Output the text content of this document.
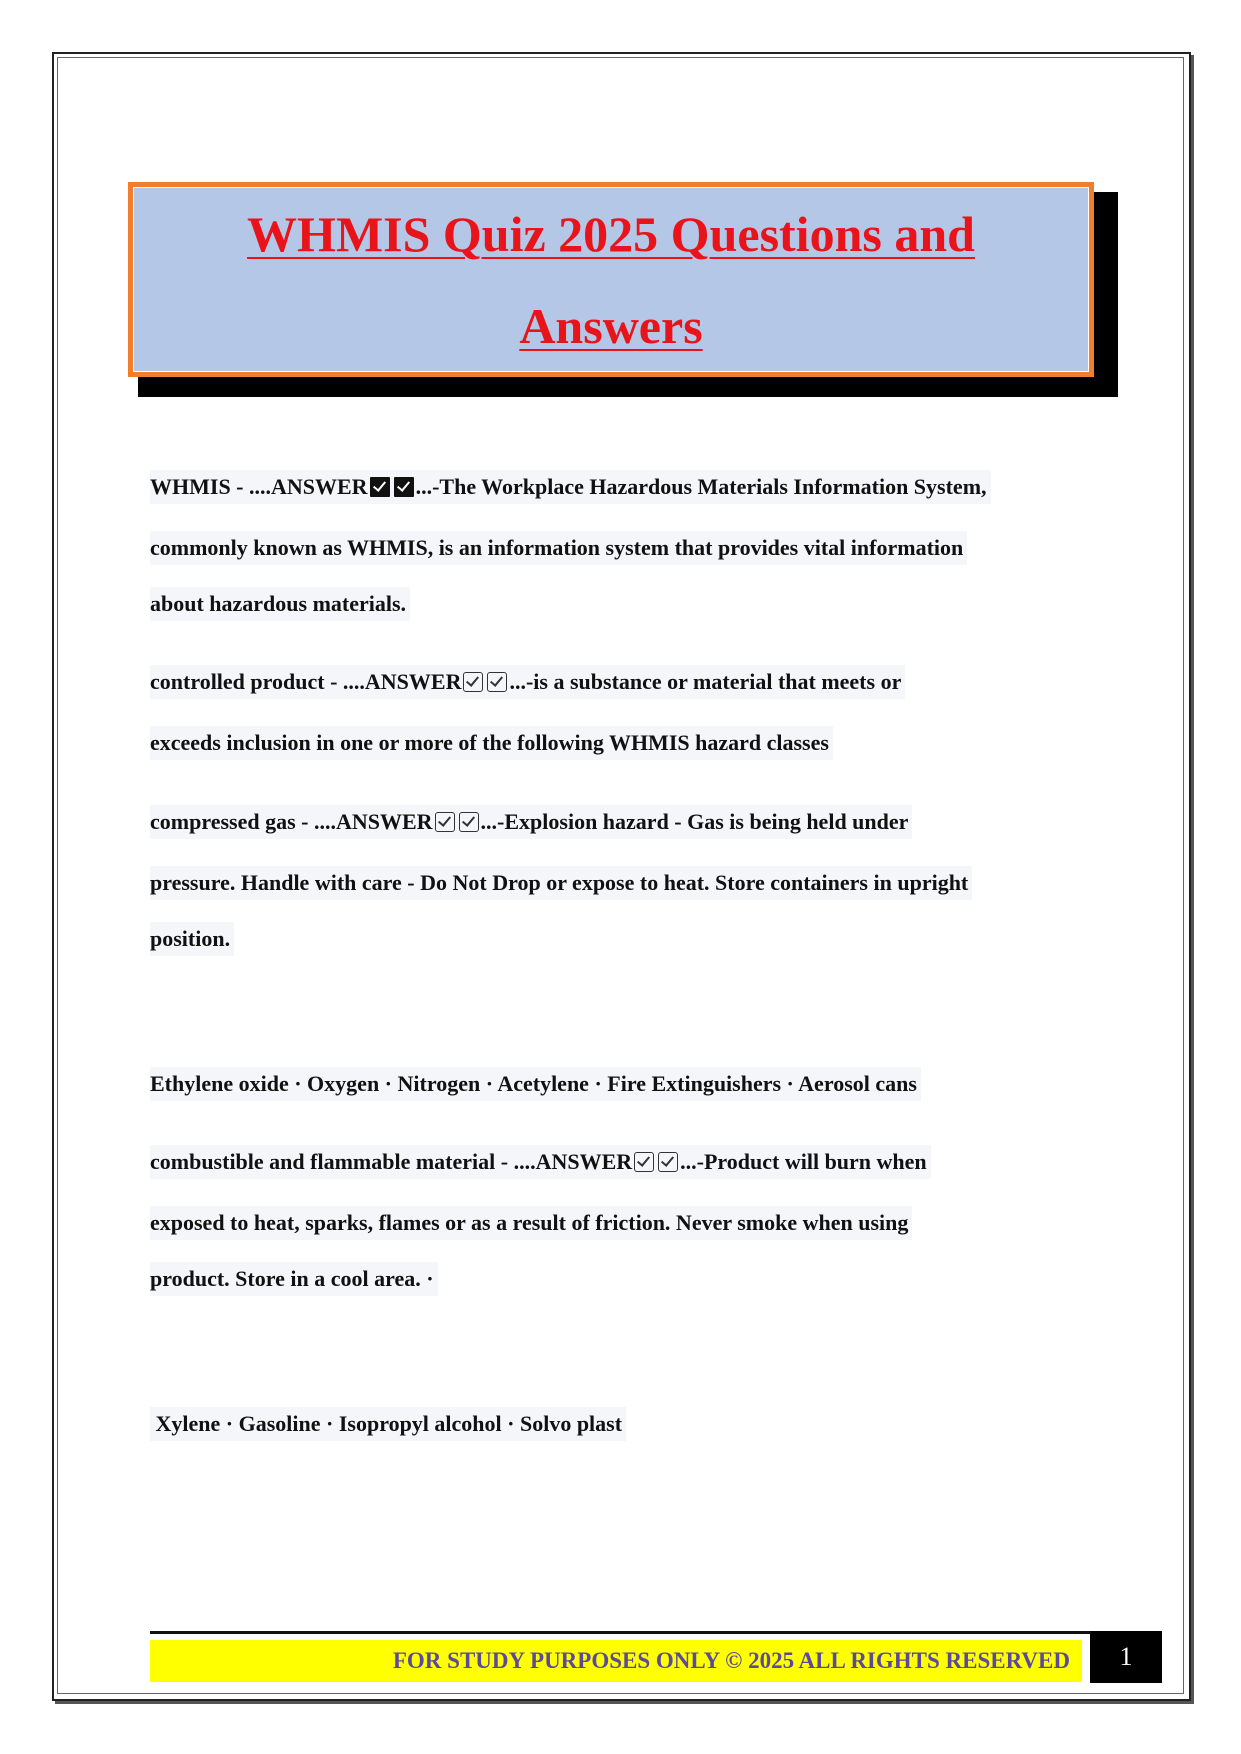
WHMIS Quiz 2025 Questions and
Answers
WHMIS - ....ANSWER ...-The Workplace Hazardous Materials Information System,
commonly known as WHMIS, is an information system that provides vital information
about hazardous materials.
controlled product - ....ANSWER ...-is a substance or material that meets or
exceeds inclusion in one or more of the following WHMIS hazard classes
compressed gas - ....ANSWER ...-Explosion hazard - Gas is being held under
pressure. Handle with care - Do Not Drop or expose to heat. Store containers in upright
position.
Ethylene oxide · Oxygen · Nitrogen · Acetylene · Fire Extinguishers · Aerosol cans
combustible and flammable material - ....ANSWER ...-Product will burn when
exposed to heat, sparks, flames or as a result of friction. Never smoke when using
product. Store in a cool area. ·
Xylene · Gasoline · Isopropyl alcohol · Solvo plast
FOR STUDY PURPOSES ONLY © 2025 ALL RIGHTS RESERVED	1
